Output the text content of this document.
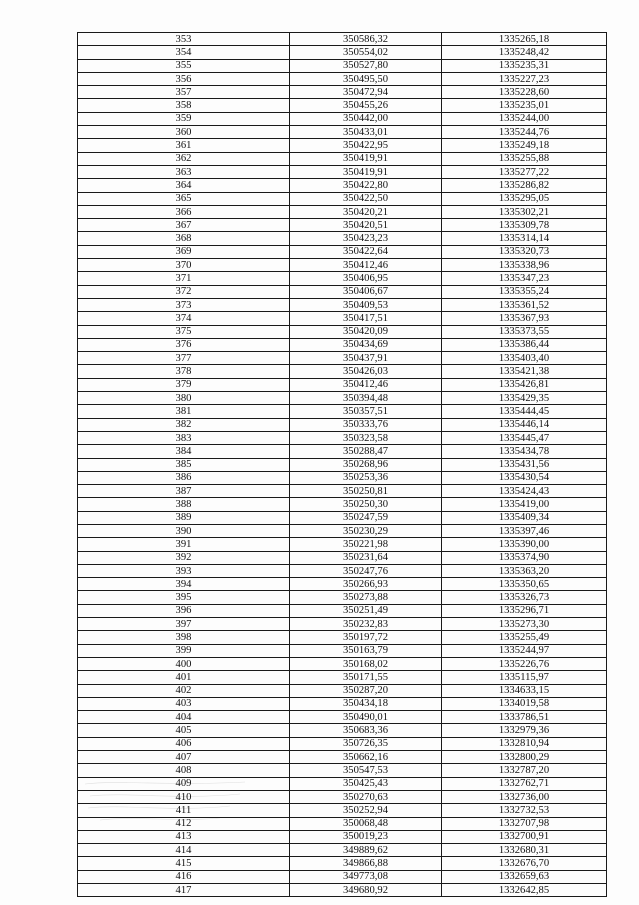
353	350586,32	1335265,18
354	350554,02	1335248,42
355	350527,80	1335235,31
356	350495,50	1335227,23
357	350472,94	1335228,60
358	350455,26	1335235,01
359	350442,00	1335244,00
360	350433,01	1335244,76
361	350422,95	1335249,18
362	350419,91	1335255,88
363	350419,91	1335277,22
364	350422,80	1335286,82
365	350422,50	1335295,05
366	350420,21	1335302,21
367	350420,51	1335309,78
368	350423,23	1335314,14
369	350422,64	1335320,73
370	350412,46	1335338,96
371	350406,95	1335347,23
372	350406,67	1335355,24
373	350409,53	1335361,52
374	350417,51	1335367,93
375	350420,09	1335373,55
376	350434,69	1335386,44
377	350437,91	1335403,40
378	350426,03	1335421,38
379	350412,46	1335426,81
380	350394,48	1335429,35
381	350357,51	1335444,45
382	350333,76	1335446,14
383	350323,58	1335445,47
384	350288,47	1335434,78
385	350268,96	1335431,56
386	350253,36	1335430,54
387	350250,81	1335424,43
388	350250,30	1335419,00
389	350247,59	1335409,34
390	350230,29	1335397,46
391	350221,98	1335390,00
392	350231,64	1335374,90
393	350247,76	1335363,20
394	350266,93	1335350,65
395	350273,88	1335326,73
396	350251,49	1335296,71
397	350232,83	1335273,30
398	350197,72	1335255,49
399	350163,79	1335244,97
400	350168,02	1335226,76
401	350171,55	1335115,97
402	350287,20	1334633,15
403	350434,18	1334019,58
404	350490,01	1333786,51
405	350683,36	1332979,36
406	350726,35	1332810,94
407	350662,16	1332800,29
408	350547,53	1332787,20
409	350425,43	1332762,71
410	350270,63	1332736,00
411	350252,94	1332732,53
412	350068,48	1332707,98
413	350019,23	1332700,91
414	349889,62	1332680,31
415	349866,88	1332676,70
416	349773,08	1332659,63
417	349680,92	1332642,85
